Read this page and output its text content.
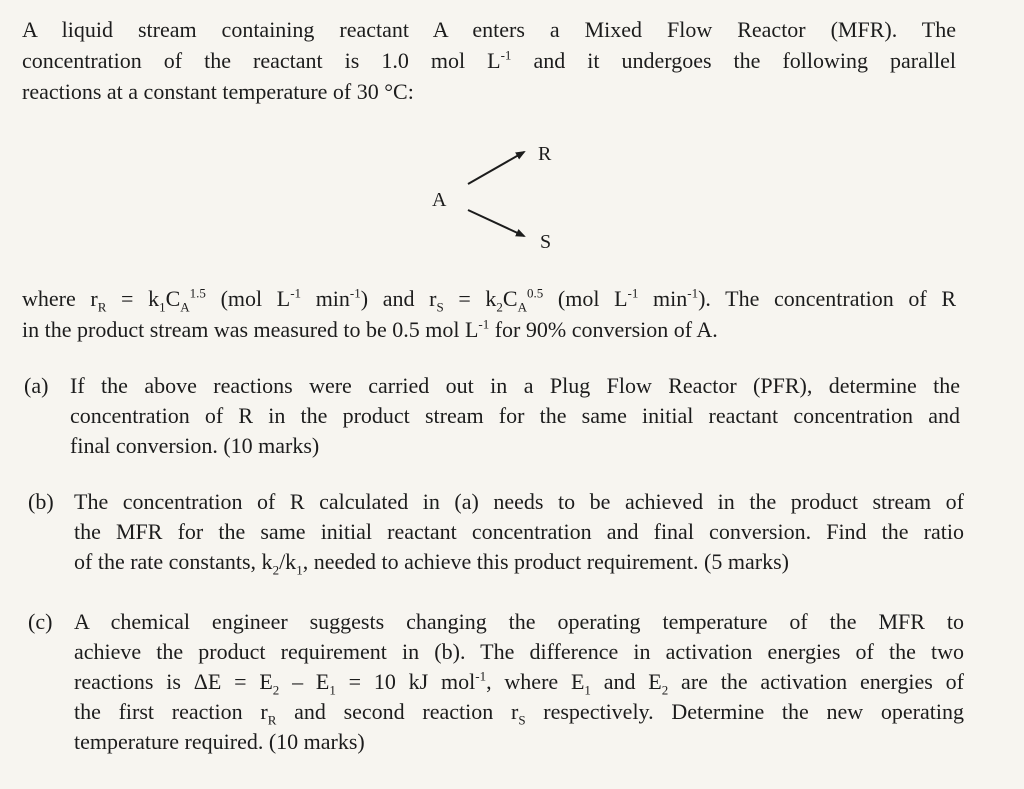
A liquid stream containing reactant A enters a Mixed Flow Reactor (MFR). The
concentration of the reactant is 1.0 mol $L^{-1}$ and it undergoes the following parallel
reactions at a constant temperature of 30 °C:
A
R
S
where $r_R = k_1C_A^{1.5}$ (mol $L^{-1}$ $\min^{-1}$) and $r_S = k_2C_A^{0.5}$ (mol $L^{-1}$ $\min^{-1}$). The concentration of R
in the product stream was measured to be 0.5 mol $L^{-1}$ for 90% conversion of A.
(a) If the above reactions were carried out in a Plug Flow Reactor (PFR), determine the
concentration of R in the product stream for the same initial reactant concentration and
final conversion. (10 marks)
(b) The concentration of R calculated in (a) needs to be achieved in the product stream of
the MFR for the same initial reactant concentration and final conversion. Find the ratio
of the rate constants, $k_2/k_1$, needed to achieve this product requirement. (5 marks)
(c) A chemical engineer suggests changing the operating temperature of the MFR to
achieve the product requirement in (b). The difference in activation energies of the two
reactions is $\Delta E = E_2 - E_1 = 10$ kJ mol$^{-1}$, where $E_1$ and $E_2$ are the activation energies of
the first reaction $r_R$ and second reaction $r_S$ respectively. Determine the new operating
temperature required. (10 marks)
